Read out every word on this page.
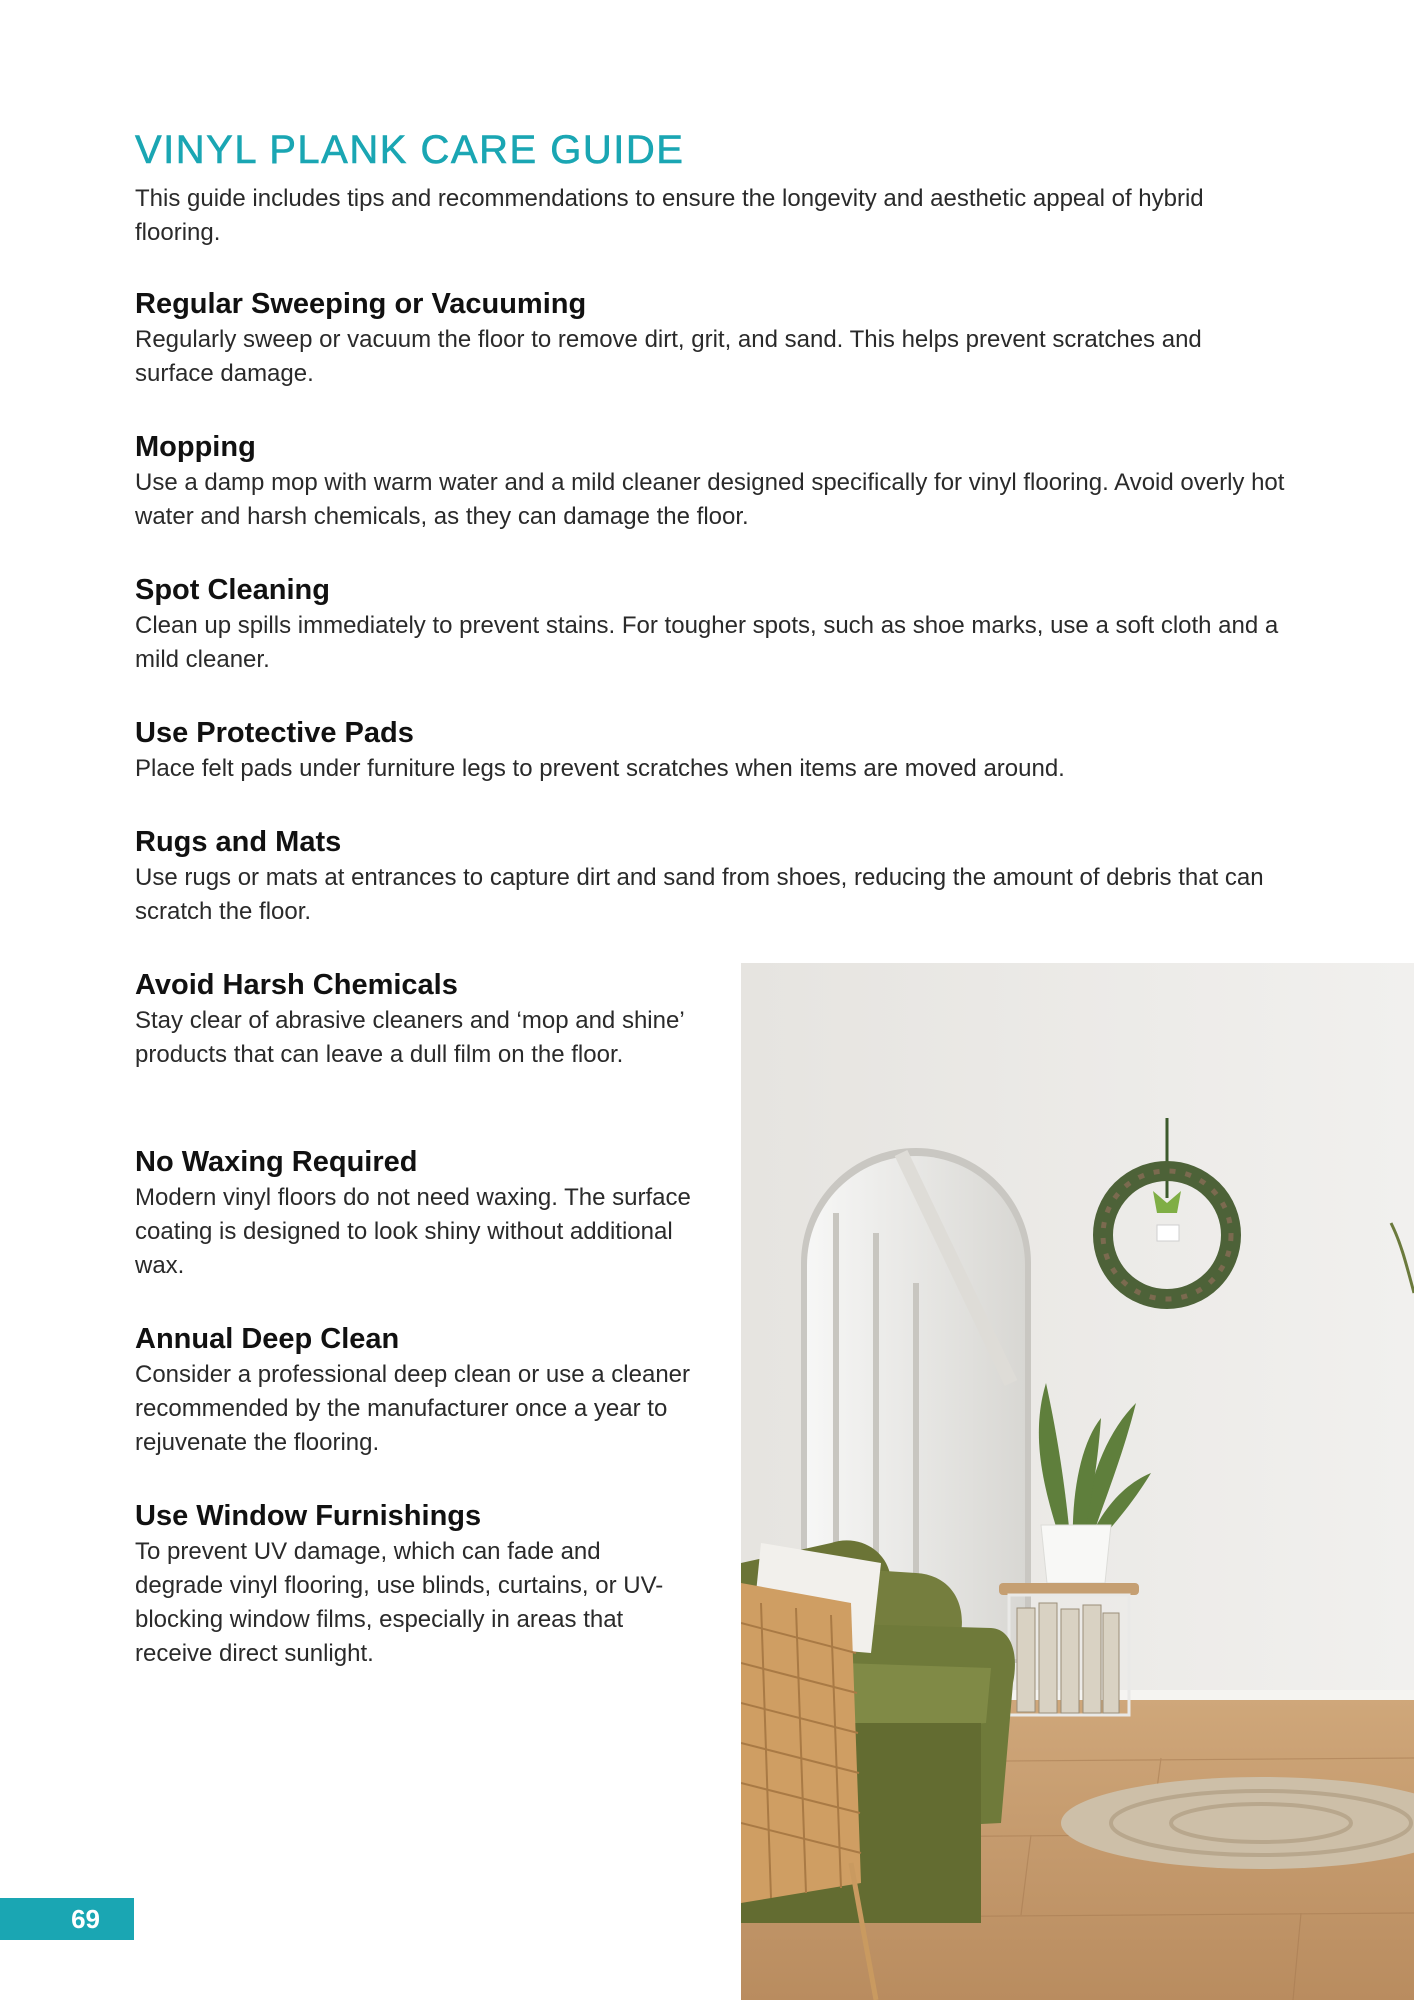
VINYL PLANK CARE GUIDE

This guide includes tips and recommendations to ensure the longevity and aesthetic appeal of hybrid flooring.

Regular Sweeping or Vacuuming

Regularly sweep or vacuum the floor to remove dirt, grit, and sand. This helps prevent scratches and surface damage.

Mopping

Use a damp mop with warm water and a mild cleaner designed specifically for vinyl flooring. Avoid overly hot water and harsh chemicals, as they can damage the floor.

Spot Cleaning

Clean up spills immediately to prevent stains. For tougher spots, such as shoe marks, use a soft cloth and a mild cleaner.

Use Protective Pads

Place felt pads under furniture legs to prevent scratches when items are moved around.

Rugs and Mats

Use rugs or mats at entrances to capture dirt and sand from shoes, reducing the amount of debris that can scratch the floor.

Avoid Harsh Chemicals

Stay clear of abrasive cleaners and ‘mop and shine’ products that can leave a dull film on the floor.

No Waxing Required

Modern vinyl floors do not need waxing. The surface coating is designed to look shiny without additional wax.

Annual Deep Clean

Consider a professional deep clean or use a cleaner recommended by the manufacturer once a year to rejuvenate the flooring.

Use Window Furnishings

To prevent UV damage, which can fade and degrade vinyl flooring, use blinds, curtains, or UV-blocking window films, especially in areas that receive direct sunlight.

69
